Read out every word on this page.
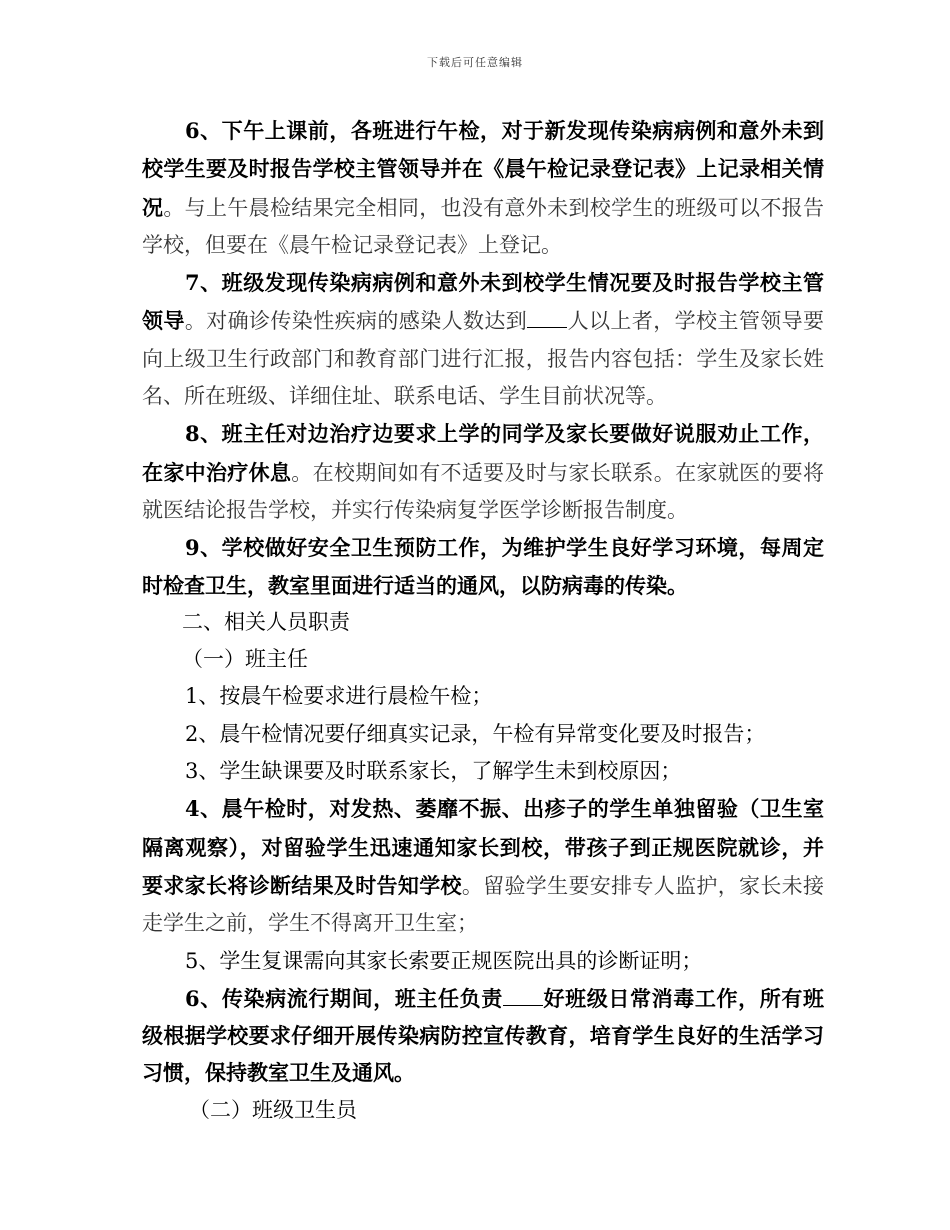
下载后可任意编辑

6、下午上课前，各班进行午检，对于新发现传染病病例和意外未到校学生要及时报告学校主管领导并在《晨午检记录登记表》上记录相关情况。与上午晨检结果完全相同，也没有意外未到校学生的班级可以不报告学校，但要在《晨午检记录登记表》上登记。

7、班级发现传染病病例和意外未到校学生情况要及时报告学校主管领导。对确诊传染性疾病的感染人数达到 人以上者，学校主管领导要向上级卫生行政部门和教育部门进行汇报，报告内容包括：学生及家长姓名、所在班级、详细住址、联系电话、学生目前状况等。

8、班主任对边治疗边要求上学的同学及家长要做好说服劝止工作，在家中治疗休息。在校期间如有不适要及时与家长联系。在家就医的要将就医结论报告学校，并实行传染病复学医学诊断报告制度。

9、学校做好安全卫生预防工作，为维护学生良好学习环境，每周定时检查卫生，教室里面进行适当的通风，以防病毒的传染。

二、相关人员职责

（一）班主任

1、按晨午检要求进行晨检午检；

2、晨午检情况要仔细真实记录，午检有异常变化要及时报告；

3、学生缺课要及时联系家长，了解学生未到校原因；

4、晨午检时，对发热、萎靡不振、出疹子的学生单独留验（卫生室隔离观察），对留验学生迅速通知家长到校，带孩子到正规医院就诊，并要求家长将诊断结果及时告知学校。留验学生要安排专人监护，家长未接走学生之前，学生不得离开卫生室；

5、学生复课需向其家长索要正规医院出具的诊断证明；

6、传染病流行期间，班主任负责 好班级日常消毒工作，所有班级根据学校要求仔细开展传染病防控宣传教育，培育学生良好的生活学习习惯，保持教室卫生及通风。

（二）班级卫生员
